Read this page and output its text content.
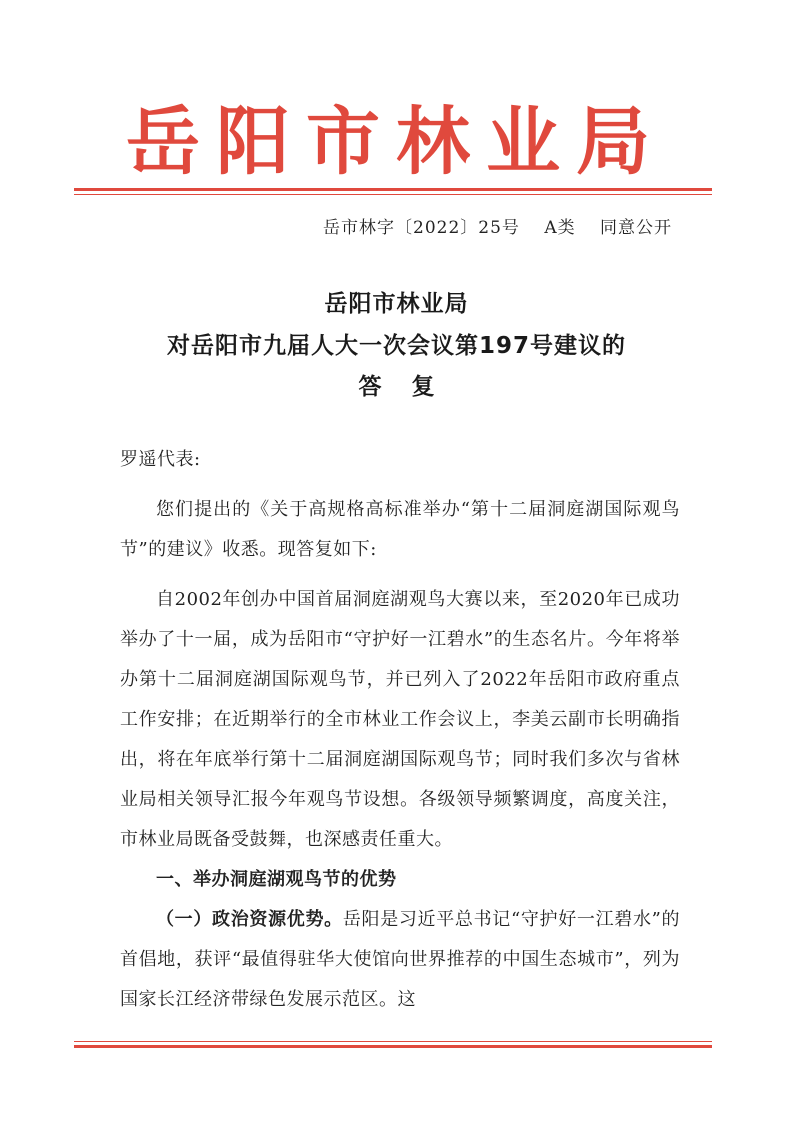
岳阳市林业局
岳市林字〔2022〕25号 A类 同意公开
岳阳市林业局
对岳阳市九届人大一次会议第197号建议的
答复

罗遥代表:

您们提出的《关于高规格高标准举办“第十二届洞庭湖国际观鸟节”的建议》收悉。现答复如下:

自2002年创办中国首届洞庭湖观鸟大赛以来，至2020年已成功举办了十一届，成为岳阳市“守护好一江碧水”的生态名片。今年将举办第十二届洞庭湖国际观鸟节，并已列入了2022年岳阳市政府重点工作安排；在近期举行的全市林业工作会议上，李美云副市长明确指出，将在年底举行第十二届洞庭湖国际观鸟节；同时我们多次与省林业局相关领导汇报今年观鸟节设想。各级领导频繁调度，高度关注，市林业局既备受鼓舞，也深感责任重大。

一、举办洞庭湖观鸟节的优势

（一）政治资源优势。岳阳是习近平总书记“守护好一江碧水”的首倡地，获评“最值得驻华大使馆向世界推荐的中国生态城市”，列为国家长江经济带绿色发展示范区。这
